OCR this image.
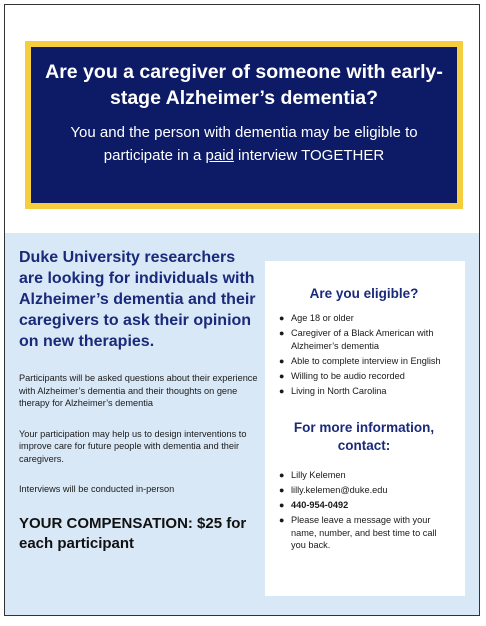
Are you a caregiver of someone with early-stage Alzheimer’s dementia?

You and the person with dementia may be eligible to participate in a paid interview TOGETHER

Duke University researchers are looking for individuals with Alzheimer’s dementia and their caregivers to ask their opinion on new therapies.

Participants will be asked questions about their experience with Alzheimer’s dementia and their thoughts on gene therapy for Alzheimer’s dementia

Your participation may help us to design interventions to improve care for future people with dementia and their caregivers.

Interviews will be conducted in-person

YOUR COMPENSATION: $25 for each participant

Are you eligible?

● Age 18 or older
● Caregiver of a Black American with Alzheimer’s dementia
● Able to complete interview in English
● Willing to be audio recorded
● Living in North Carolina

For more information, contact:

● Lilly Kelemen
● lilly.kelemen@duke.edu
● 440-954-0492
● Please leave a message with your name, number, and best time to call you back.
